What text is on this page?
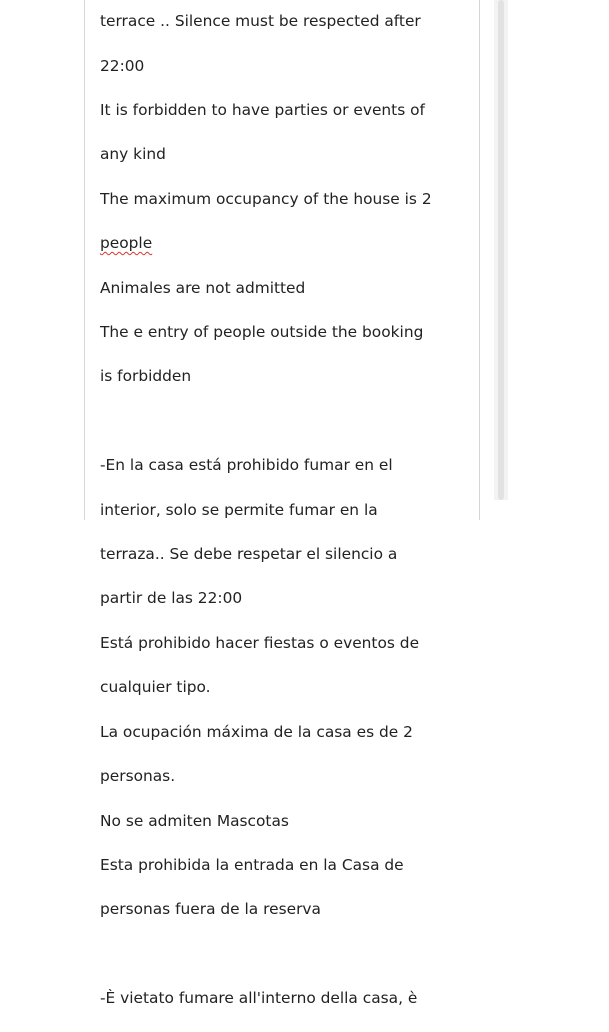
terrace .. Silence must be respected after

22:00

It is forbidden to have parties or events of

any kind

The maximum occupancy of the house is 2

people

Animales are not admitted

The e entry of people outside the booking

is forbidden

-En la casa está prohibido fumar en el

interior, solo se permite fumar en la

terraza.. Se debe respetar el silencio a

partir de las 22:00

Está prohibido hacer fiestas o eventos de

cualquier tipo.

La ocupación máxima de la casa es de 2

personas.

No se admiten Mascotas

Esta prohibida la entrada en la Casa de

personas fuera de la reserva

-È vietato fumare all'interno della casa, è
